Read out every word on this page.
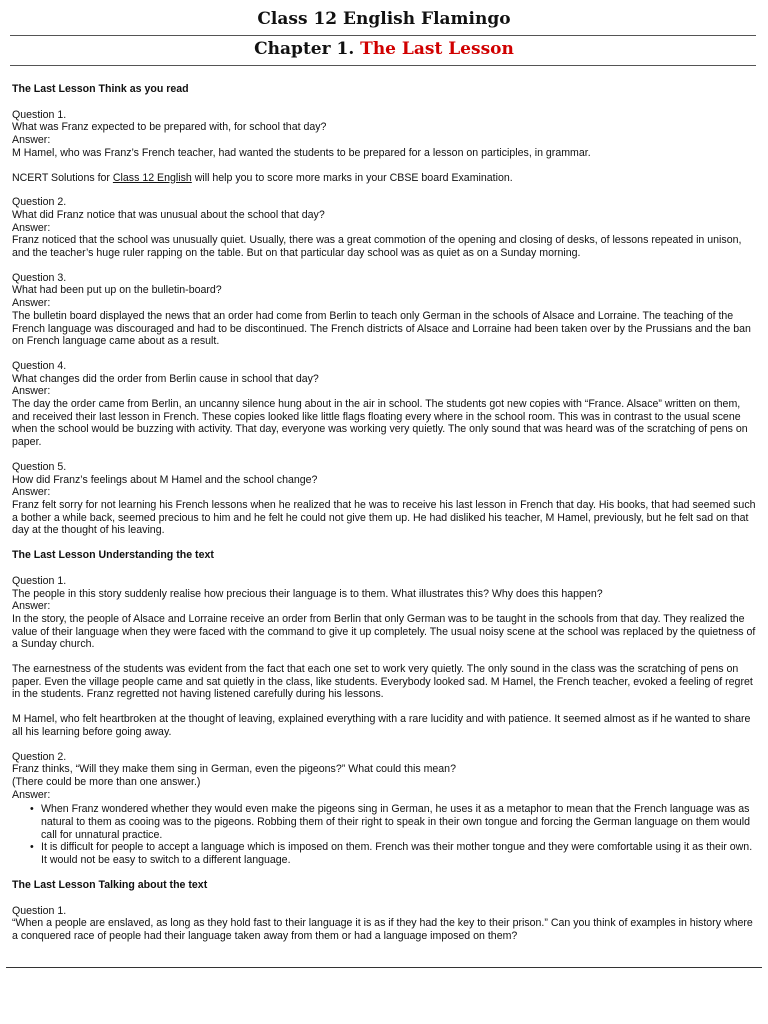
Class 12 English Flamingo
Chapter 1. The Last Lesson
The Last Lesson Think as you read
Question 1.
What was Franz expected to be prepared with, for school that day?
Answer:
M Hamel, who was Franz’s French teacher, had wanted the students to be prepared for a lesson on participles, in grammar.
NCERT Solutions for Class 12 English will help you to score more marks in your CBSE board Examination.
Question 2.
What did Franz notice that was unusual about the school that day?
Answer:
Franz noticed that the school was unusually quiet. Usually, there was a great commotion of the opening and closing of desks, of lessons repeated in unison, and the teacher’s huge ruler rapping on the table. But on that particular day school was as quiet as on a Sunday morning.
Question 3.
What had been put up on the bulletin-board?
Answer:
The bulletin board displayed the news that an order had come from Berlin to teach only German in the schools of Alsace and Lorraine. The teaching of the French language was discouraged and had to be discontinued. The French districts of Alsace and Lorraine had been taken over by the Prussians and the ban on French language came about as a result.
Question 4.
What changes did the order from Berlin cause in school that day?
Answer:
The day the order came from Berlin, an uncanny silence hung about in the air in school. The students got new copies with “France. Alsace” written on them, and received their last lesson in French. These copies looked like little flags floating every where in the school room. This was in contrast to the usual scene when the school would be buzzing with activity. That day, everyone was working very quietly. The only sound that was heard was of the scratching of pens on paper.
Question 5.
How did Franz’s feelings about M Hamel and the school change?
Answer:
Franz felt sorry for not learning his French lessons when he realized that he was to receive his last lesson in French that day. His books, that had seemed such a bother a while back, seemed precious to him and he felt he could not give them up. He had disliked his teacher, M Hamel, previously, but he felt sad on that day at the thought of his leaving.
The Last Lesson Understanding the text
Question 1.
The people in this story suddenly realise how precious their language is to them. What illustrates this? Why does this happen?
Answer:
In the story, the people of Alsace and Lorraine receive an order from Berlin that only German was to be taught in the schools from that day. They realized the value of their language when they were faced with the command to give it up completely. The usual noisy scene at the school was replaced by the quietness of a Sunday church.
The earnestness of the students was evident from the fact that each one set to work very quietly. The only sound in the class was the scratching of pens on paper. Even the village people came and sat quietly in the class, like students. Everybody looked sad. M Hamel, the French teacher, evoked a feeling of regret in the students. Franz regretted not having listened carefully during his lessons.
M Hamel, who felt heartbroken at the thought of leaving, explained everything with a rare lucidity and with patience. It seemed almost as if he wanted to share all his learning before going away.
Question 2.
Franz thinks, “Will they make them sing in German, even the pigeons?” What could this mean?
(There could be more than one answer.)
Answer:
• When Franz wondered whether they would even make the pigeons sing in German, he uses it as a metaphor to mean that the French language was as natural to them as cooing was to the pigeons. Robbing them of their right to speak in their own tongue and forcing the German language on them would call for unnatural practice.
• It is difficult for people to accept a language which is imposed on them. French was their mother tongue and they were comfortable using it as their own. It would not be easy to switch to a different language.
The Last Lesson Talking about the text
Question 1.
“When a people are enslaved, as long as they hold fast to their language it is as if they had the key to their prison.” Can you think of examples in history where a conquered race of people had their language taken away from them or had a language imposed on them?
